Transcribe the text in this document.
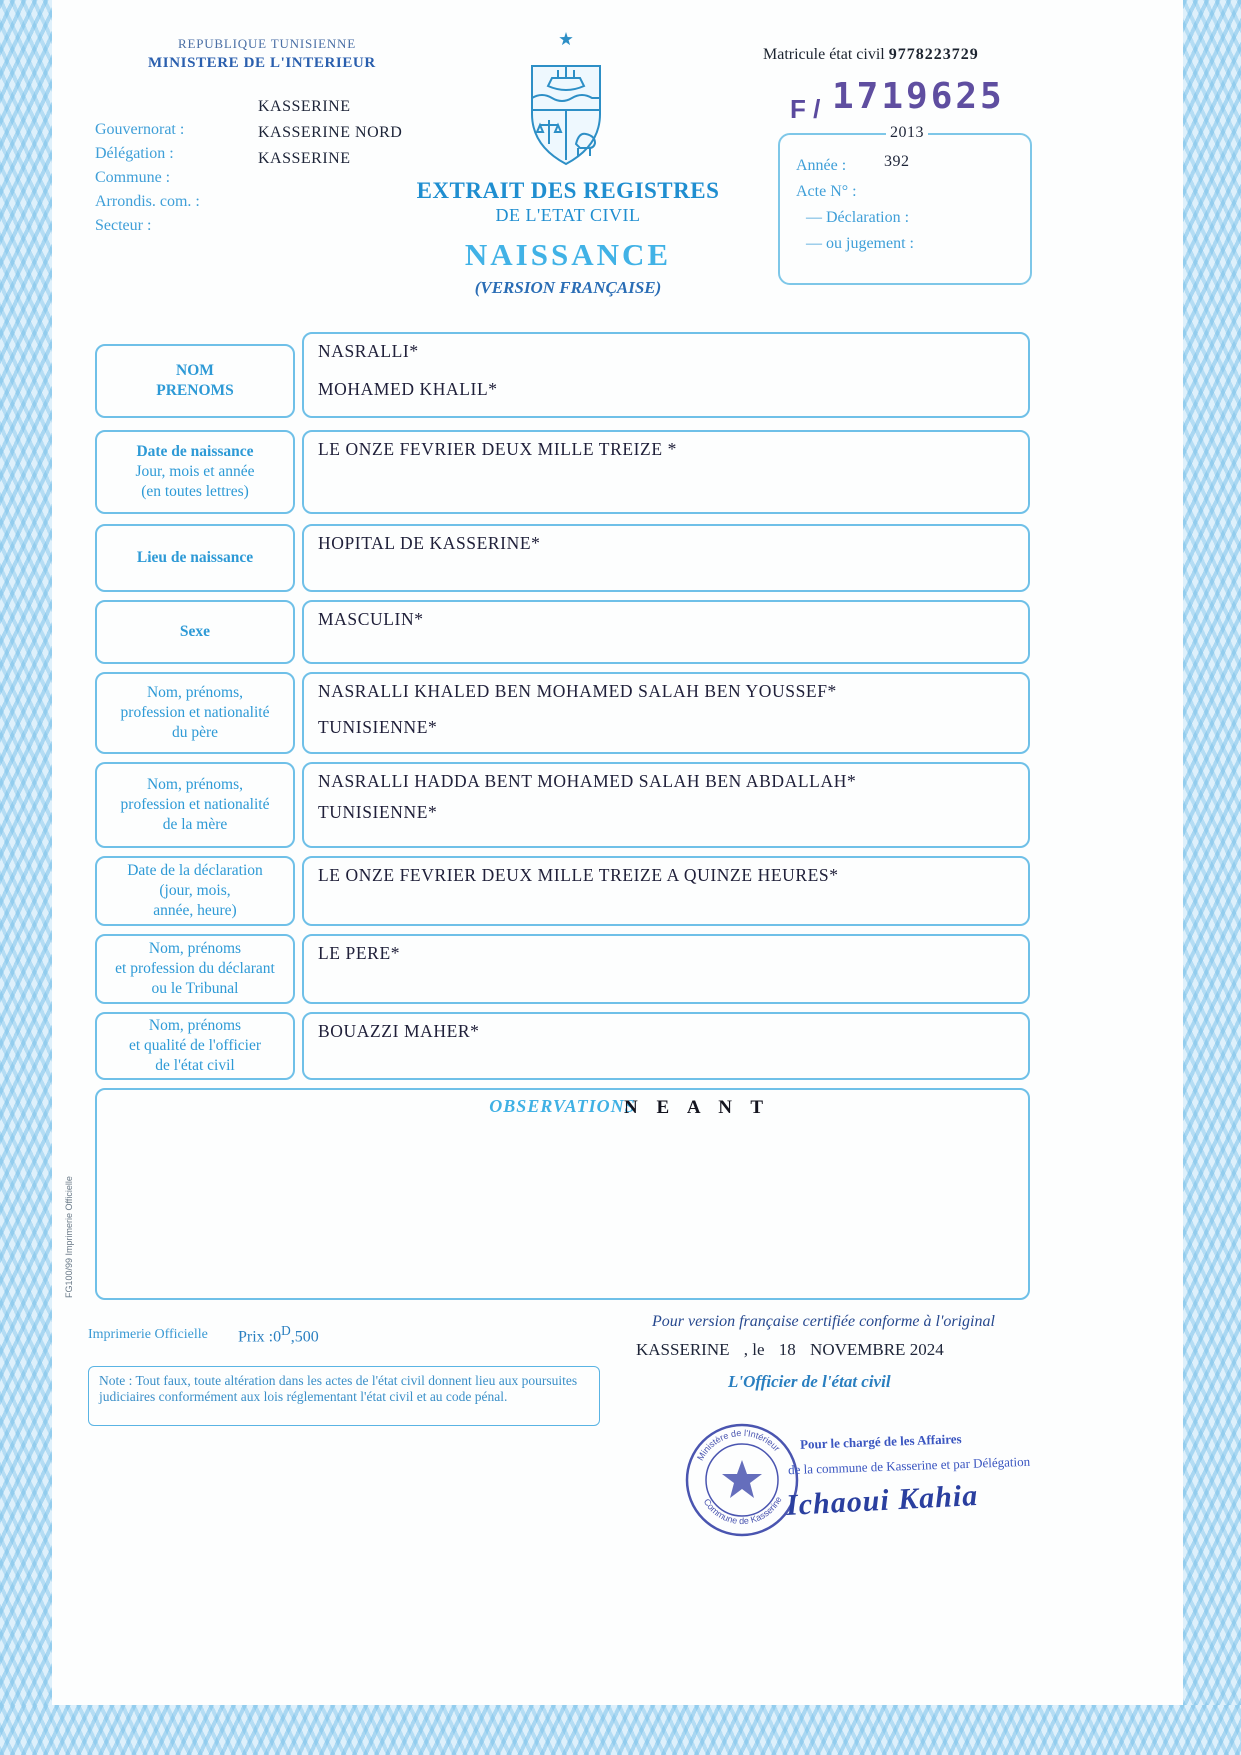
REPUBLIQUE TUNISIENNE
MINISTERE DE L'INTERIEUR
Gouvernorat :
Délégation :
Commune :
Arrondis. com. :
Secteur :
KASSERINE
KASSERINE NORD
KASSERINE
EXTRAIT DES REGISTRES
DE L'ETAT CIVIL
NAISSANCE
(VERSION FRANÇAISE)
Matricule état civil 9778223729
F / 1719625
2013
Année : 392
Acte N° :
— Déclaration :
— ou jugement :
NOM
PRENOMS
NASRALLI*
MOHAMED KHALIL*
Date de naissance
Jour, mois et année
(en toutes lettres)
LE ONZE FEVRIER DEUX MILLE TREIZE *
Lieu de naissance
HOPITAL DE KASSERINE*
Sexe
MASCULIN*
Nom, prénoms,
profession et nationalité
du père
NASRALLI KHALED BEN MOHAMED SALAH BEN YOUSSEF*
TUNISIENNE*
Nom, prénoms,
profession et nationalité
de la mère
NASRALLI HADDA BENT MOHAMED SALAH BEN ABDALLAH*
TUNISIENNE*
Date de la déclaration
(jour, mois,
année, heure)
LE ONZE FEVRIER DEUX MILLE TREIZE A QUINZE HEURES*
Nom, prénoms
et profession du déclarant
ou le Tribunal
LE PERE*
Nom, prénoms
et qualité de l'officier
de l'état civil
BOUAZZI MAHER*
OBSERVATIONS
N E A N T
Imprimerie Officielle Prix $:0^D,500$
Pour version française certifiée conforme à l'original
KASSERINE , le 18 NOVEMBRE 2024
L'Officier de l'état civil
Note : Tout faux, toute altération dans les actes de l'état civil donnent lieu aux poursuites judiciaires conformément aux lois réglementant l'état civil et au code pénal.
Ministère de l'Intérieur
Commune de Kasserine
Pour le chargé de les Affaires
de la commune de Kasserine et par Délégation
Ichaoui Kahia
FG100/99 Imprimerie Officielle
